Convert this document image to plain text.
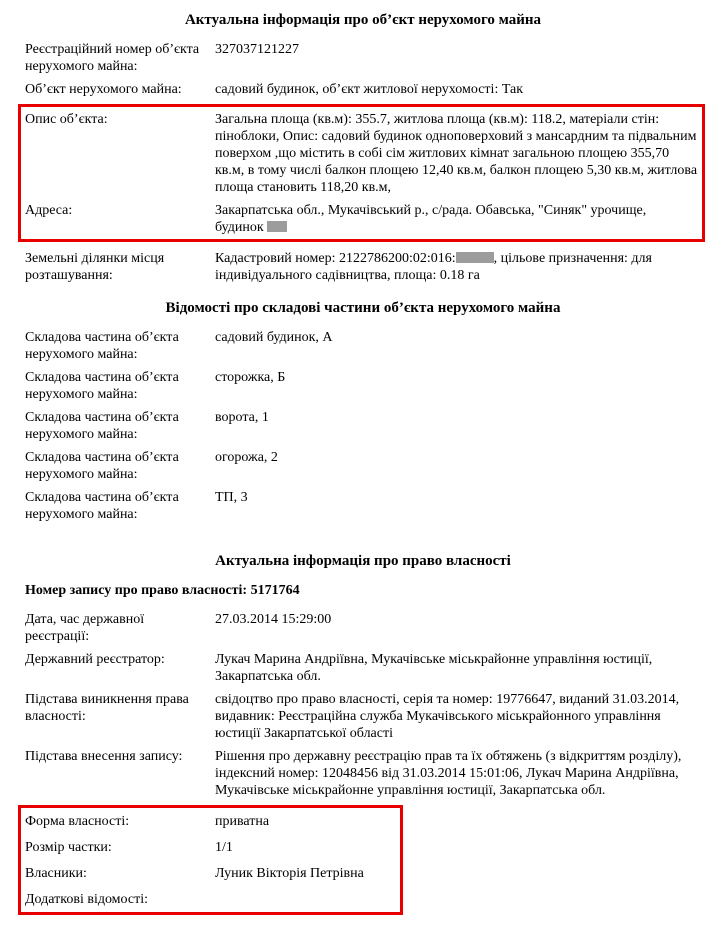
Актуальна інформація про об’єкт нерухомого майна
Реєстраційний номер об’єкта нерухомого майна:
327037121227
Об’єкт нерухомого майна:	садовий будинок, об’єкт житлової нерухомості: Так
Опис об’єкта:	Загальна площа (кв.м): 355.7, житлова площа (кв.м): 118.2, матеріали стін: піноблоки, Опис: садовий будинок одноповерховий з мансардним та підвальним поверхом ,що містить в собі сім житлових кімнат загальною площею 355,70 кв.м, в тому числі балкон площею 12,40 кв.м, балкон площею 5,30 кв.м, житлова площа становить 118,20 кв.м,
Адреса:	Закарпатська обл., Мукачівський р., с/рада. Обавська, "Синяк" урочище, будинок
Земельні ділянки місця розташування:
Кадастровий номер: 2122786200:02:016:	, цільове призначення: для індивідуального садівництва, площа: 0.18 га
Відомості про складові частини об’єкта нерухомого майна
Складова частина об’єкта нерухомого майна:
садовий будинок, А
Складова частина об’єкта нерухомого майна:
сторожка, Б
Складова частина об’єкта нерухомого майна:
ворота, 1
Складова частина об’єкта нерухомого майна:
огорожа, 2
Складова частина об’єкта нерухомого майна:
ТП, 3
Актуальна інформація про право власності
Номер запису про право власності: 5171764
Дата, час державної реєстрації:
27.03.2014 15:29:00
Державний реєстратор:	Лукач Марина Андріївна, Мукачівське міськрайонне управління юстиції, Закарпатська обл.
Підстава виникнення права власності:
свідоцтво про право власності, серія та номер: 19776647, виданий 31.03.2014, видавник: Реєстраційна служба Мукачівського міськрайонного управління юстиції Закарпатської області
Підстава внесення запису:	Рішення про державну реєстрацію прав та їх обтяжень (з відкриттям розділу), індексний номер: 12048456 від 31.03.2014 15:01:06, Лукач Марина Андріївна, Мукачівське міськрайонне управління юстиції, Закарпатська обл.
Форма власності:	приватна
Розмір частки:	1/1
Власники:	Луник Вікторія Петрівна
Додаткові відомості:
